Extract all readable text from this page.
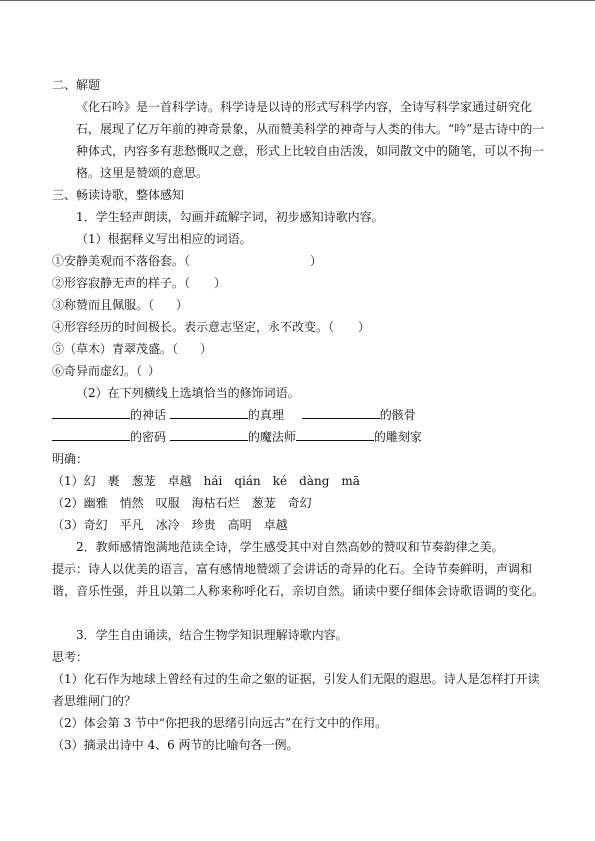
二、解题
《化石吟》是一首科学诗。科学诗是以诗的形式写科学内容，全诗写科学家通过研究化石，展现了亿万年前的神奇景象，从而赞美科学的神奇与人类的伟大。“吟”是古诗中的一种体式，内容多有悲愁慨叹之意，形式上比较自由活泼，如同散文中的随笔，可以不拘一格。这里是赞颂的意思。
三、畅读诗歌，整体感知
1．学生轻声朗读，勾画并疏解字词，初步感知诗歌内容。
（1）根据释义写出相应的词语。
①安静美观而不落俗套。（	）
②形容寂静无声的样子。（ ）
③称赞而且佩服。（ ）
④形容经历的时间极长。表示意志坚定，永不改变。（ ）
⑤（草木）青翠茂盛。（ ）
⑥奇异而虚幻。（ ）
（2）在下列横线上选填恰当的修饰词语。
的神话	的真理	的骸骨
的密码	的魔法师	的雕刻家
明确：
（1）幻　裹　葱茏　卓越　hái　qián　ké　dàng　mā
（2）幽雅　悄然　叹服　海枯石烂　葱茏　奇幻
（3）奇幻　平凡　冰冷　珍贵　高明　卓越
2．教师感情饱满地范读全诗，学生感受其中对自然高妙的赞叹和节奏韵律之美。
提示：诗人以优美的语言，富有感情地赞颂了会讲话的奇异的化石。全诗节奏鲜明，声调和谐，音乐性强，并且以第二人称来称呼化石，亲切自然。诵读中要仔细体会诗歌语调的变化。
3．学生自由诵读，结合生物学知识理解诗歌内容。
思考：
（1）化石作为地球上曾经有过的生命之躯的证据，引发人们无限的遐思。诗人是怎样打开读者思维闸门的？
（2）体会第 3 节中“你把我的思绪引向远古”在行文中的作用。
（3）摘录出诗中 4、6 两节的比喻句各一例。
